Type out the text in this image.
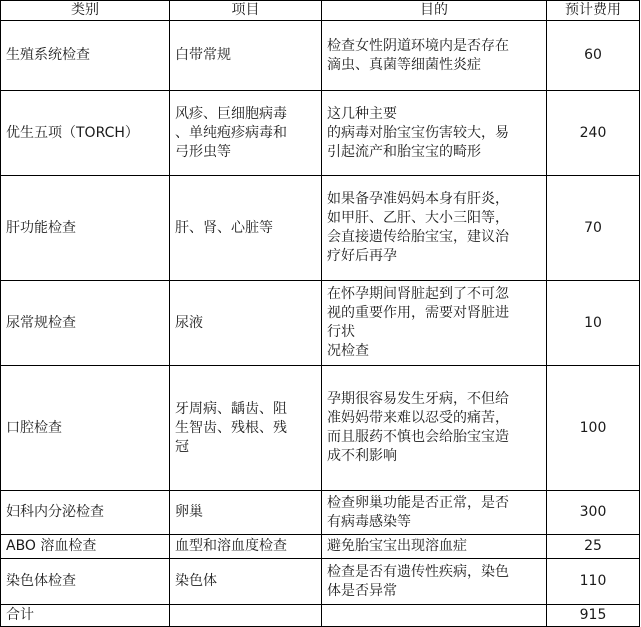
类别	项目	目的	预计费用
生殖系统检查	白带常规	检查女性阴道环境内是否存在
滴虫、真菌等细菌性炎症	60
优生五项（TORCH）	风疹、巨细胞病毒
、单纯疱疹病毒和
弓形虫等	这几种主要
的病毒对胎宝宝伤害较大，易
引起流产和胎宝宝的畸形	240
肝功能检查	肝、肾、心脏等	如果备孕准妈妈本身有肝炎，
如甲肝、乙肝、大小三阳等，
会直接遗传给胎宝宝，建议治
疗好后再孕	70
尿常规检查	尿液	在怀孕期间肾脏起到了不可忽
视的重要作用，需要对肾脏进
行状
况检查	10
口腔检查	牙周病、龋齿、阻
生智齿、残根、残
冠	孕期很容易发生牙病，不但给
准妈妈带来难以忍受的痛苦，
而且服药不慎也会给胎宝宝造
成不利影响	100
妇科内分泌检查	卵巢	检查卵巢功能是否正常，是否
有病毒感染等	300
ABO 溶血检查	血型和溶血度检查	避免胎宝宝出现溶血症	25
染色体检查	染色体	检查是否有遗传性疾病，染色
体是否异常	110
合计			915
